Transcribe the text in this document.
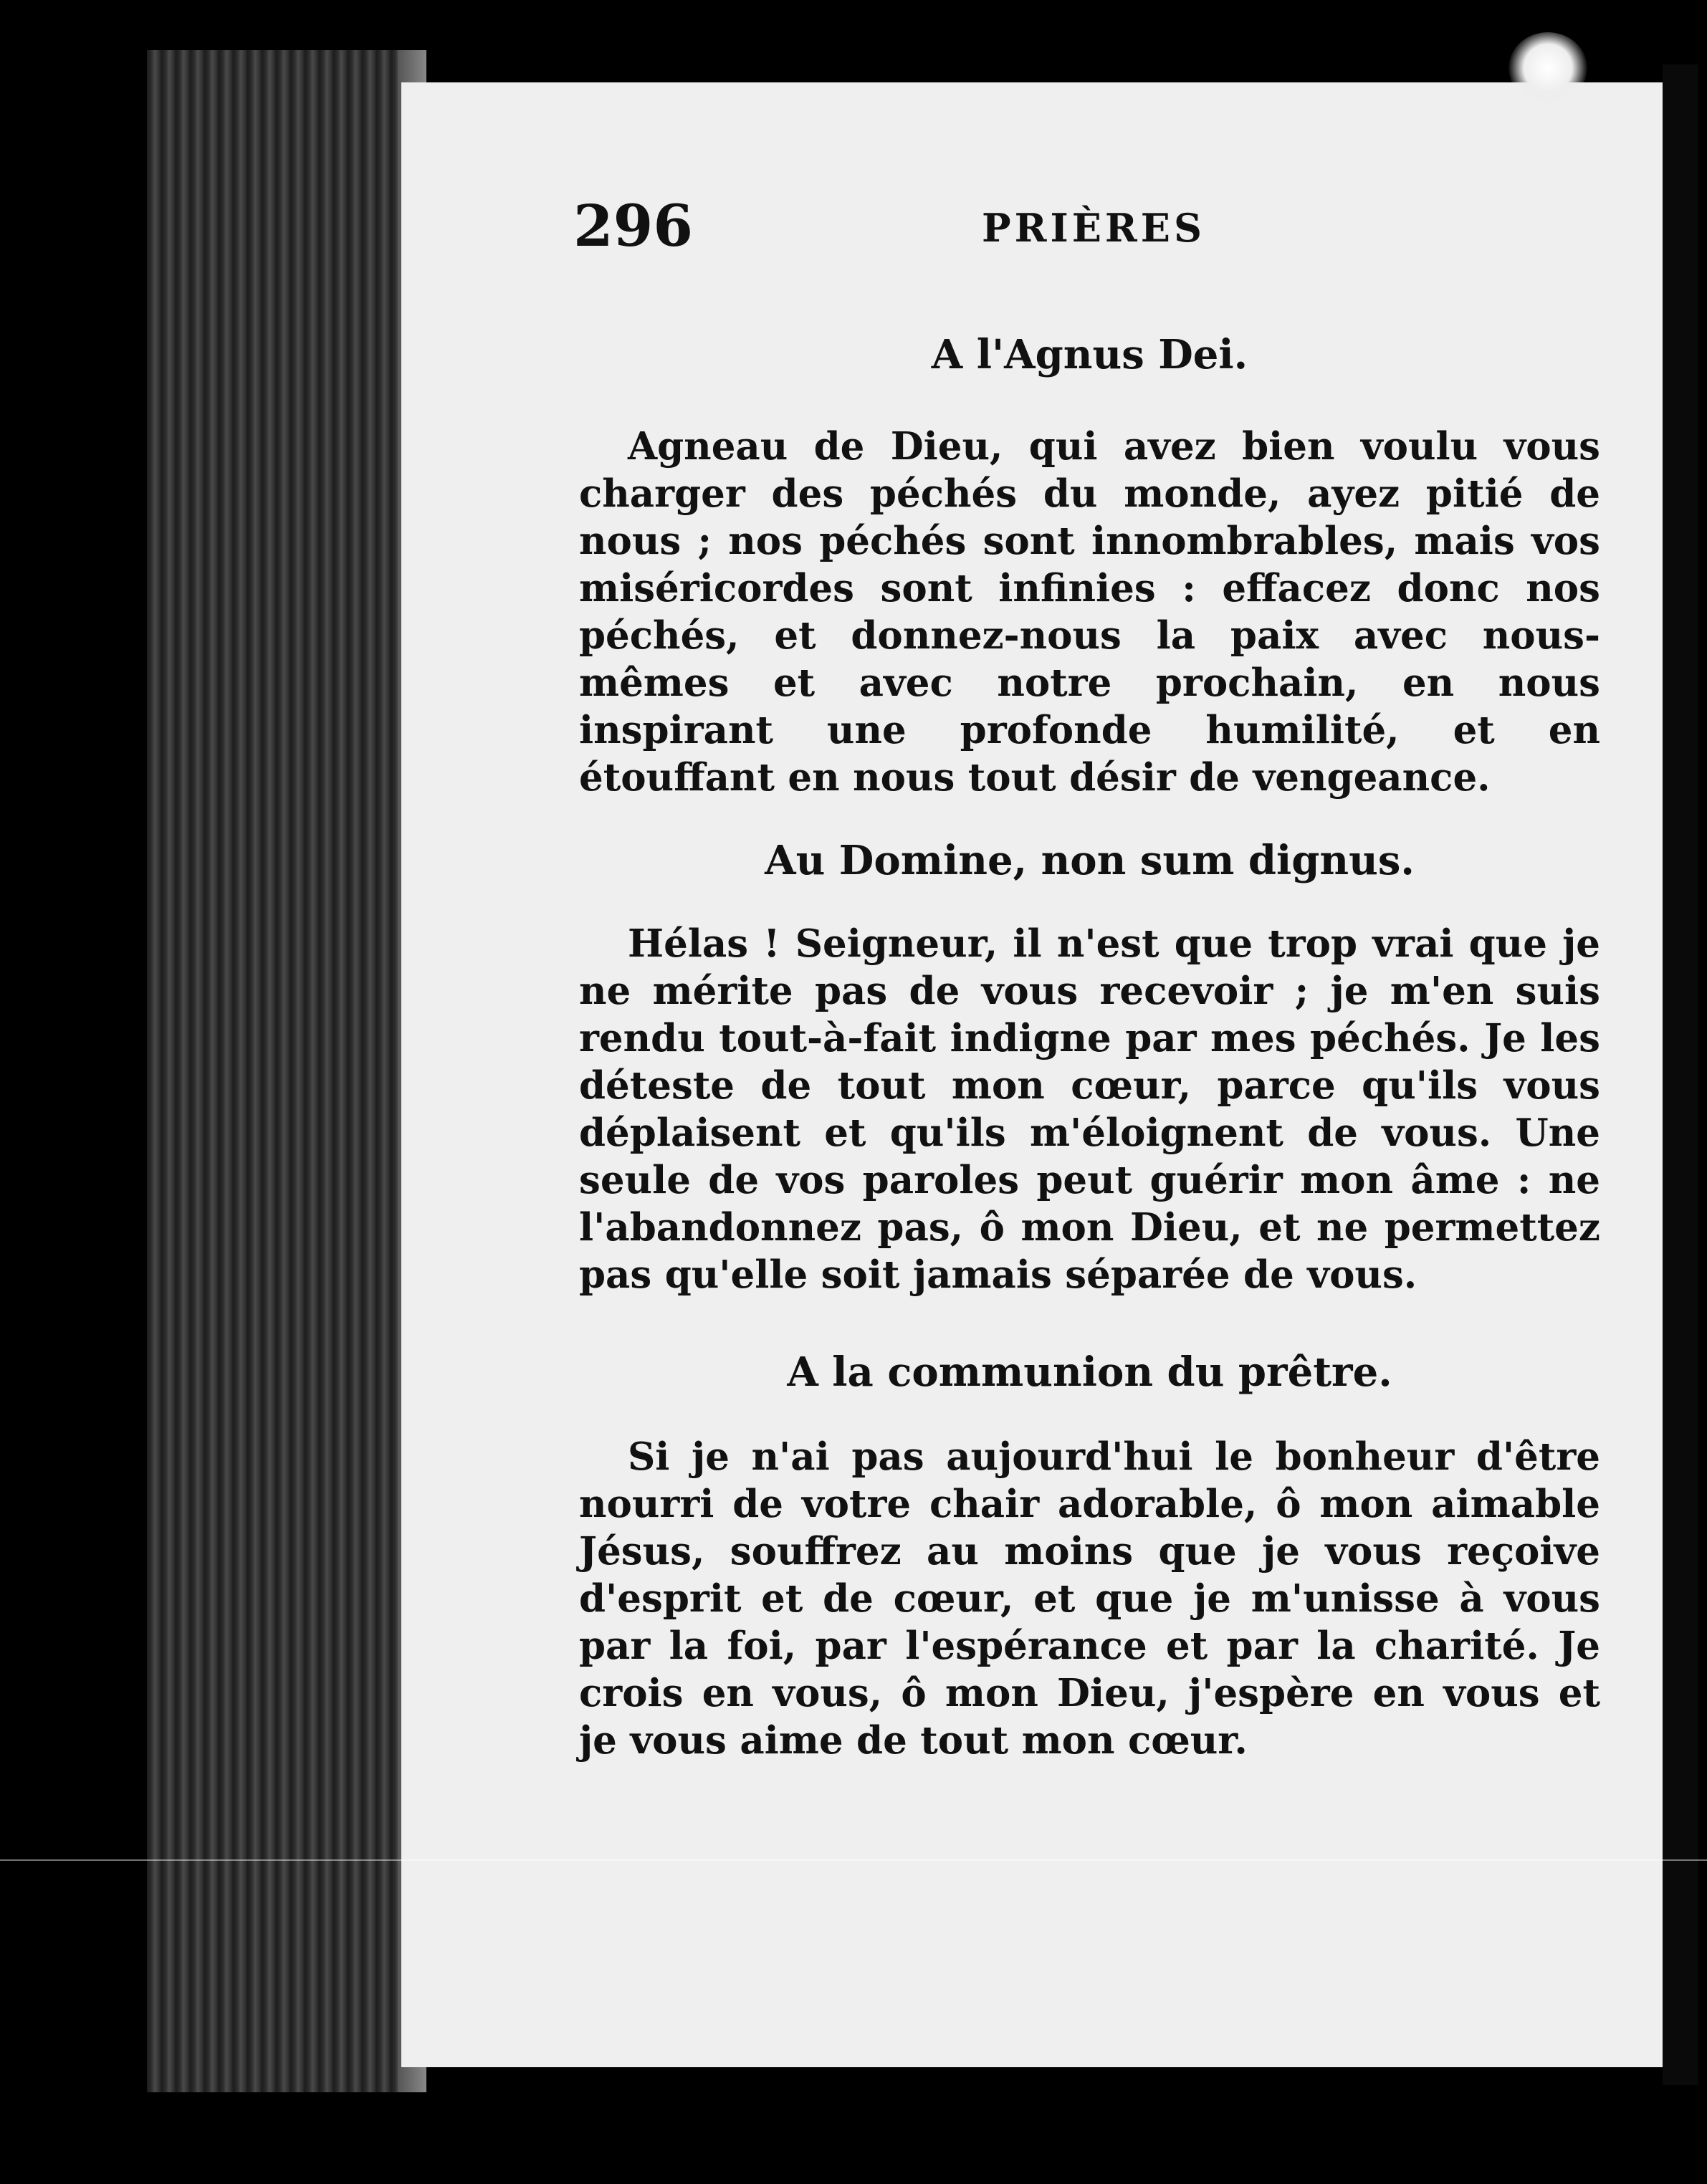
296	PRIÈRES
A l'Agnus Dei.

Agneau de Dieu, qui avez bien voulu vous charger des péchés du monde, ayez pitié de nous ; nos péchés sont innombrables, mais vos miséricordes sont infinies : effacez donc nos péchés, et donnez-nous la paix avec nous-mêmes et avec notre prochain, en nous inspirant une profonde humilité, et en étouffant en nous tout désir de vengeance.

Au Domine, non sum dignus.

Hélas ! Seigneur, il n'est que trop vrai que je ne mérite pas de vous recevoir ; je m'en suis rendu tout-à-fait indigne par mes péchés. Je les déteste de tout mon cœur, parce qu'ils vous déplaisent et qu'ils m'éloignent de vous. Une seule de vos paroles peut guérir mon âme : ne l'abandonnez pas, ô mon Dieu, et ne permettez pas qu'elle soit jamais séparée de vous.

A la communion du prêtre.

Si je n'ai pas aujourd'hui le bonheur d'être nourri de votre chair adorable, ô mon aimable Jésus, souffrez au moins que je vous reçoive d'esprit et de cœur, et que je m'unisse à vous par la foi, par l'espérance et par la charité. Je crois en vous, ô mon Dieu, j'espère en vous et je vous aime de tout mon cœur.
